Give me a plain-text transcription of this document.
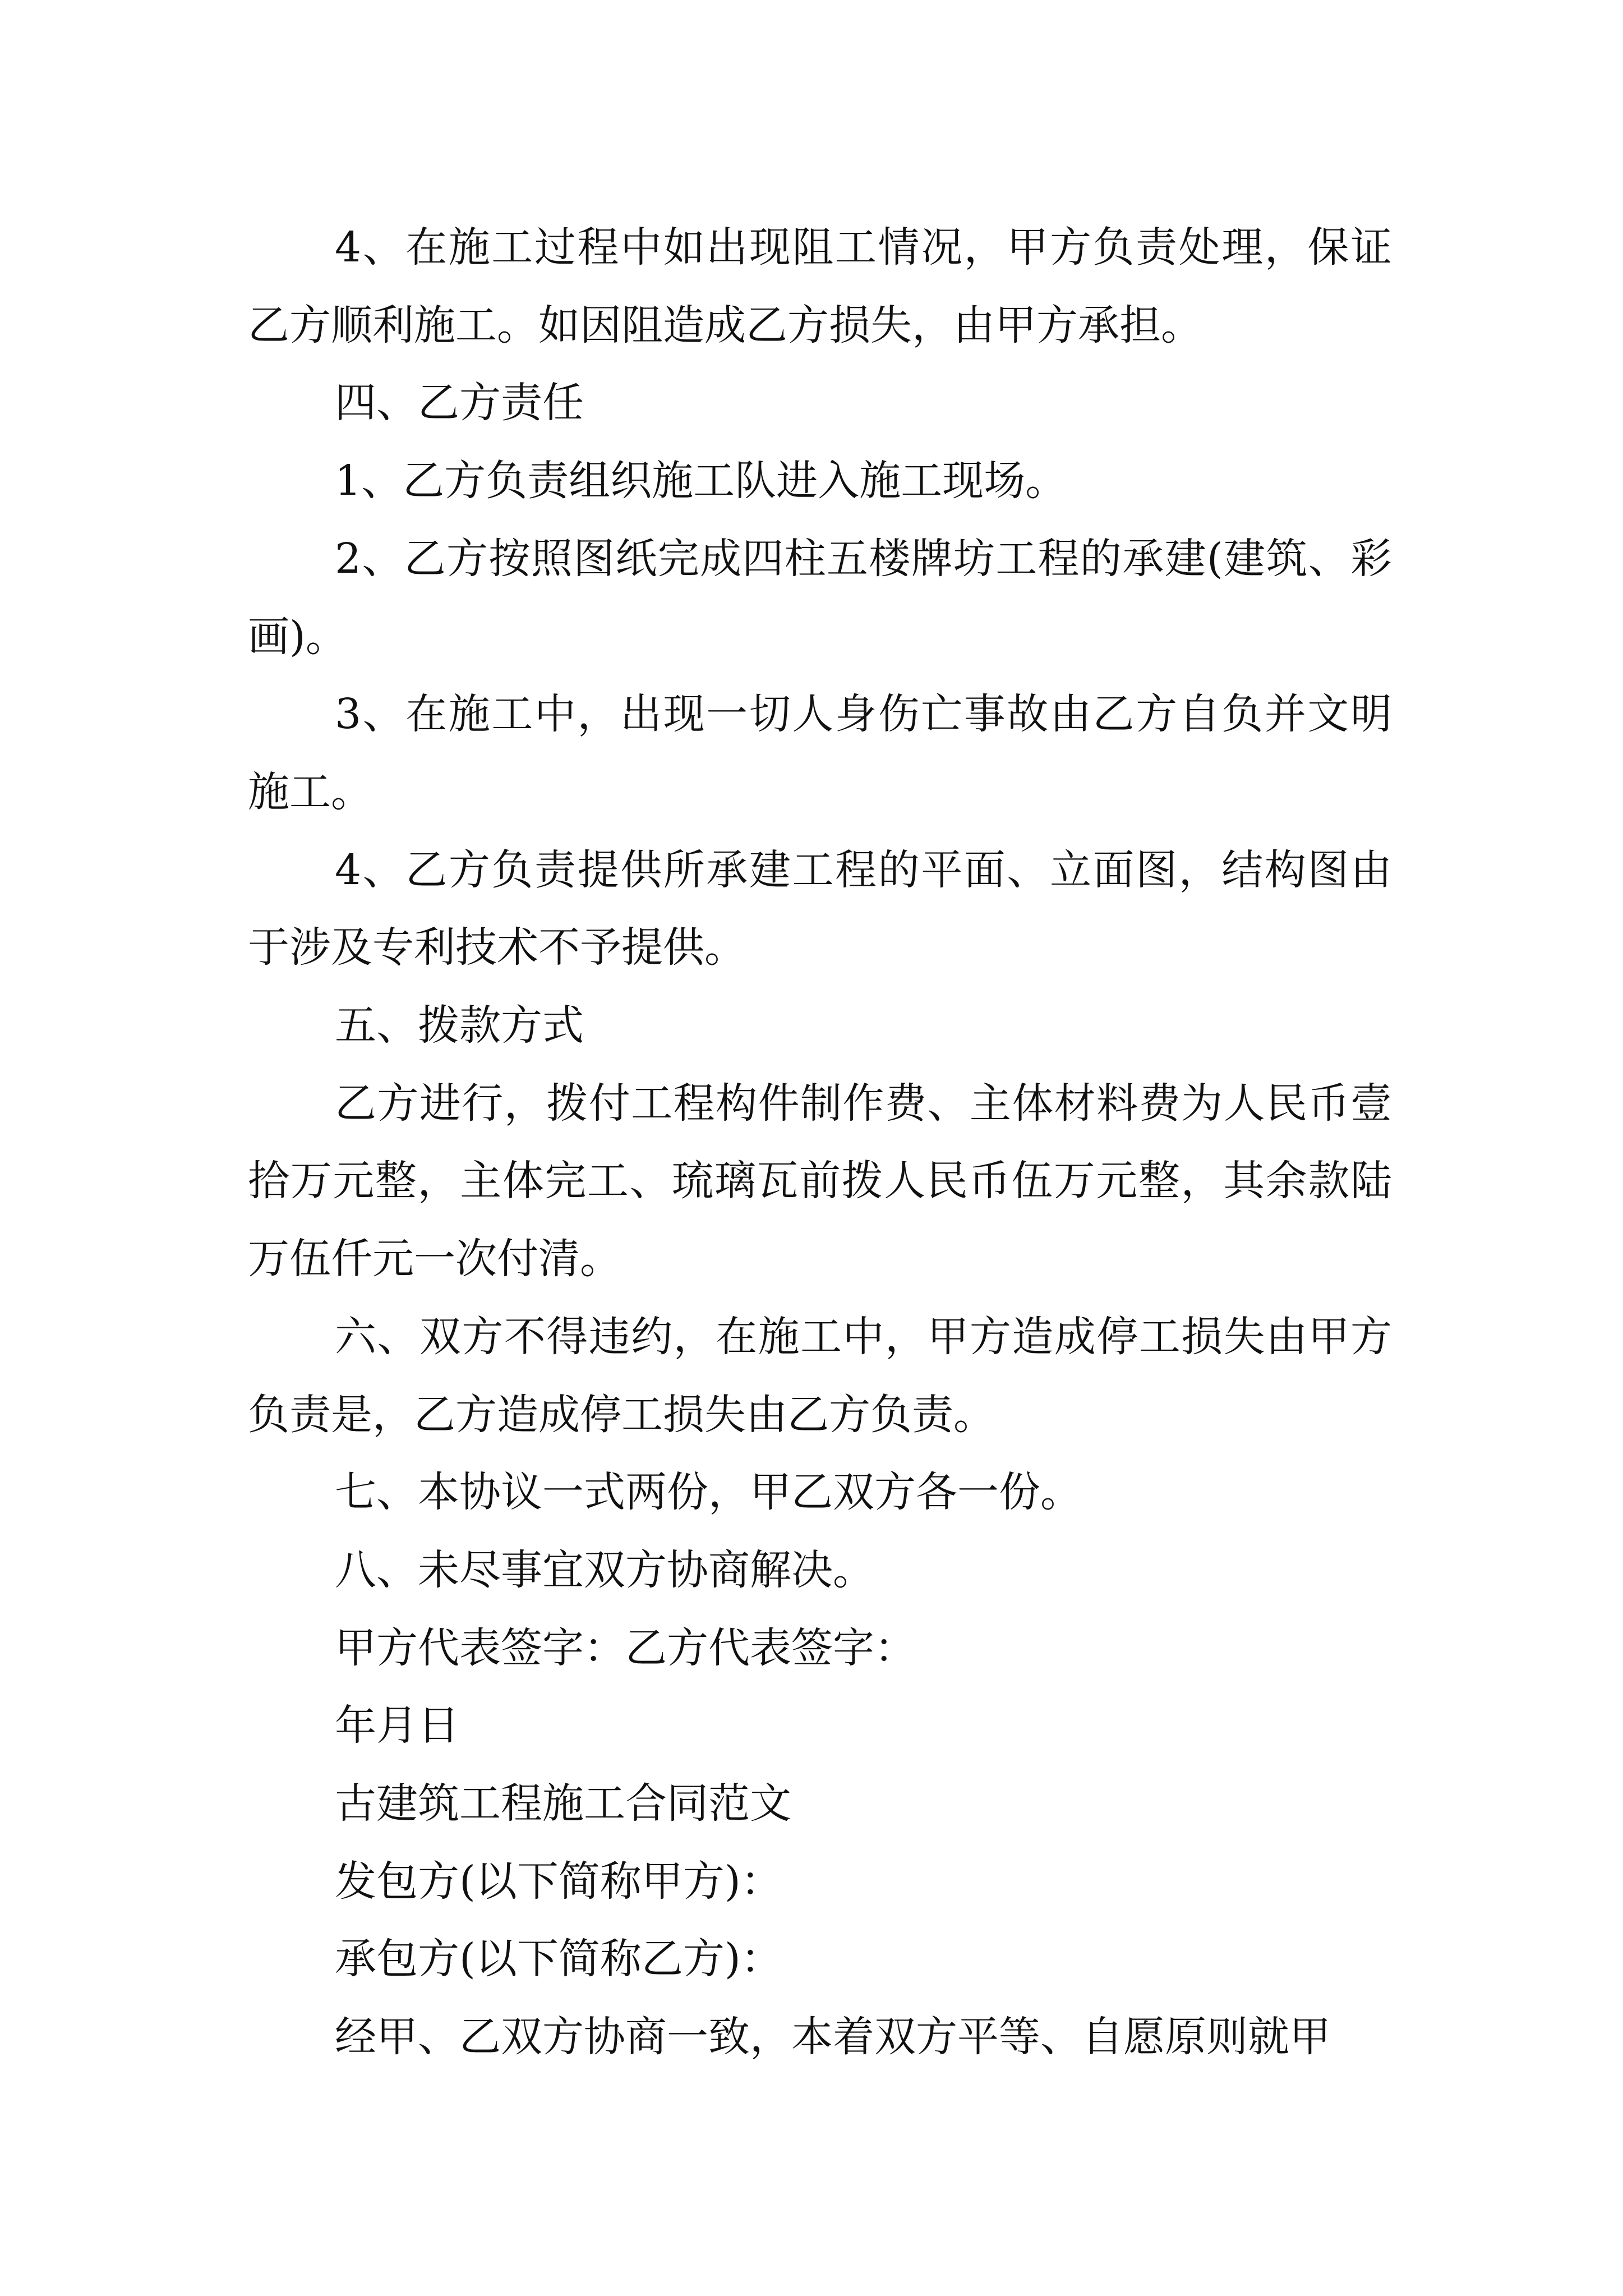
4、在施工过程中如出现阻工情况，甲方负责处理，保证乙方顺利施工。如因阻造成乙方损失，由甲方承担。

四、乙方责任

1、乙方负责组织施工队进入施工现场。

2、乙方按照图纸完成四柱五楼牌坊工程的承建(建筑、彩画)。

3、在施工中，出现一切人身伤亡事故由乙方自负并文明施工。

4、乙方负责提供所承建工程的平面、立面图，结构图由于涉及专利技术不予提供。

五、拨款方式

乙方进行，拨付工程构件制作费、主体材料费为人民币壹拾万元整，主体完工、琉璃瓦前拨人民币伍万元整，其余款陆万伍仟元一次付清。

六、双方不得违约，在施工中，甲方造成停工损失由甲方负责是，乙方造成停工损失由乙方负责。

七、本协议一式两份，甲乙双方各一份。

八、未尽事宜双方协商解决。

甲方代表签字：乙方代表签字：

年月日

古建筑工程施工合同范文

发包方(以下简称甲方)：

承包方(以下简称乙方)：

经甲、乙双方协商一致，本着双方平等、自愿原则就甲
